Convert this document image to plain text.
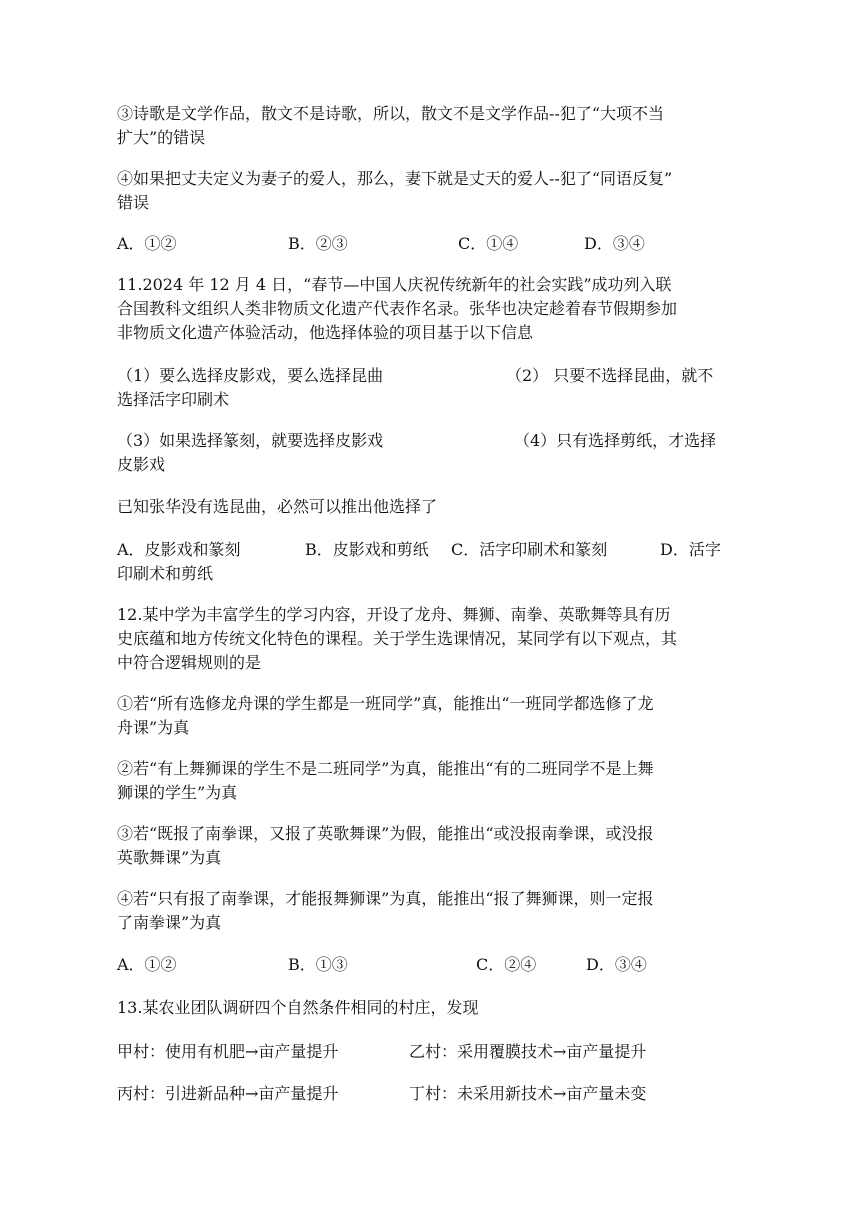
③诗歌是文学作品，散文不是诗歌，所以，散文不是文学作品--犯了“大项不当
扩大”的错误
④如果把丈夫定义为妻子的爱人，那么，妻下就是丈天的爱人--犯了“同语反复”
错误
A．①②	B．②③	C．①④	D．③④
11.2024 年 12 月 4 日，“春节—中国人庆祝传统新年的社会实践”成功列入联
合国教科文组织人类非物质文化遗产代表作名录。张华也决定趁着春节假期参加
非物质文化遗产体验活动，他选择体验的项目基于以下信息
（1）要么选择皮影戏，要么选择昆曲	（2） 只要不选择昆曲，就不
选择活字印刷术
（3）如果选择篆刻，就要选择皮影戏	（4）只有选择剪纸，才选择
皮影戏
已知张华没有选昆曲，必然可以推出他选择了
A．皮影戏和篆刻	B．皮影戏和剪纸 C．活字印刷术和篆刻	D．活字
印刷术和剪纸
12.某中学为丰富学生的学习内容，开设了龙舟、舞狮、南拳、英歌舞等具有历
史底蕴和地方传统文化特色的课程。关于学生选课情况，某同学有以下观点，其
中符合逻辑规则的是
①若“所有选修龙舟课的学生都是一班同学”真，能推出“一班同学都选修了龙
舟课”为真
②若“有上舞狮课的学生不是二班同学”为真，能推出“有的二班同学不是上舞
狮课的学生”为真
③若“既报了南拳课，又报了英歌舞课”为假，能推出“或没报南拳课，或没报
英歌舞课”为真
④若“只有报了南拳课，才能报舞狮课”为真，能推出“报了舞狮课，则一定报
了南拳课”为真
A．①②	B．①③	C．②④	D．③④
13.某农业团队调研四个自然条件相同的村庄，发现
甲村：使用有机肥→亩产量提升	乙村：采用覆膜技术→亩产量提升
丙村：引进新品种→亩产量提升	丁村：未采用新技术→亩产量未变
